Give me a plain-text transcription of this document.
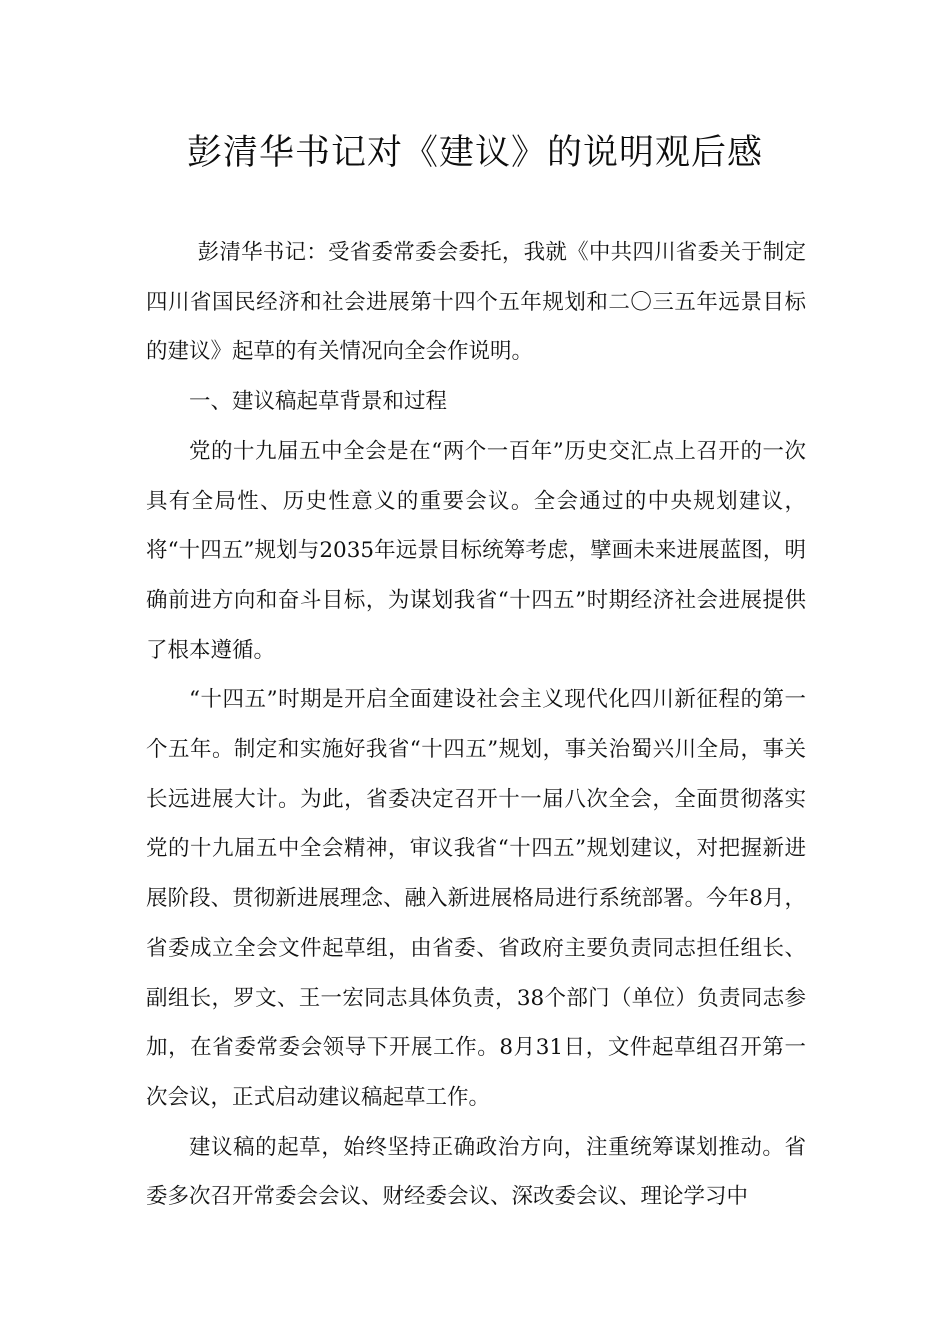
彭清华书记对《建议》的说明观后感

彭清华书记：受省委常委会委托，我就《中共四川省委关于制定四川省国民经济和社会进展第十四个五年规划和二〇三五年远景目标的建议》起草的有关情况向全会作说明。

一、建议稿起草背景和过程

党的十九届五中全会是在“两个一百年”历史交汇点上召开的一次具有全局性、历史性意义的重要会议。全会通过的中央规划建议，将“十四五”规划与2035年远景目标统筹考虑，擘画未来进展蓝图，明确前进方向和奋斗目标，为谋划我省“十四五”时期经济社会进展提供了根本遵循。

“十四五”时期是开启全面建设社会主义现代化四川新征程的第一个五年。制定和实施好我省“十四五”规划，事关治蜀兴川全局，事关长远进展大计。为此，省委决定召开十一届八次全会，全面贯彻落实党的十九届五中全会精神，审议我省“十四五”规划建议，对把握新进展阶段、贯彻新进展理念、融入新进展格局进行系统部署。今年8月，省委成立全会文件起草组，由省委、省政府主要负责同志担任组长、副组长，罗文、王一宏同志具体负责，38个部门（单位）负责同志参加，在省委常委会领导下开展工作。8月31日，文件起草组召开第一次会议，正式启动建议稿起草工作。

建议稿的起草，始终坚持正确政治方向，注重统筹谋划推动。省委多次召开常委会会议、财经委会议、深改委会议、理论学习中
